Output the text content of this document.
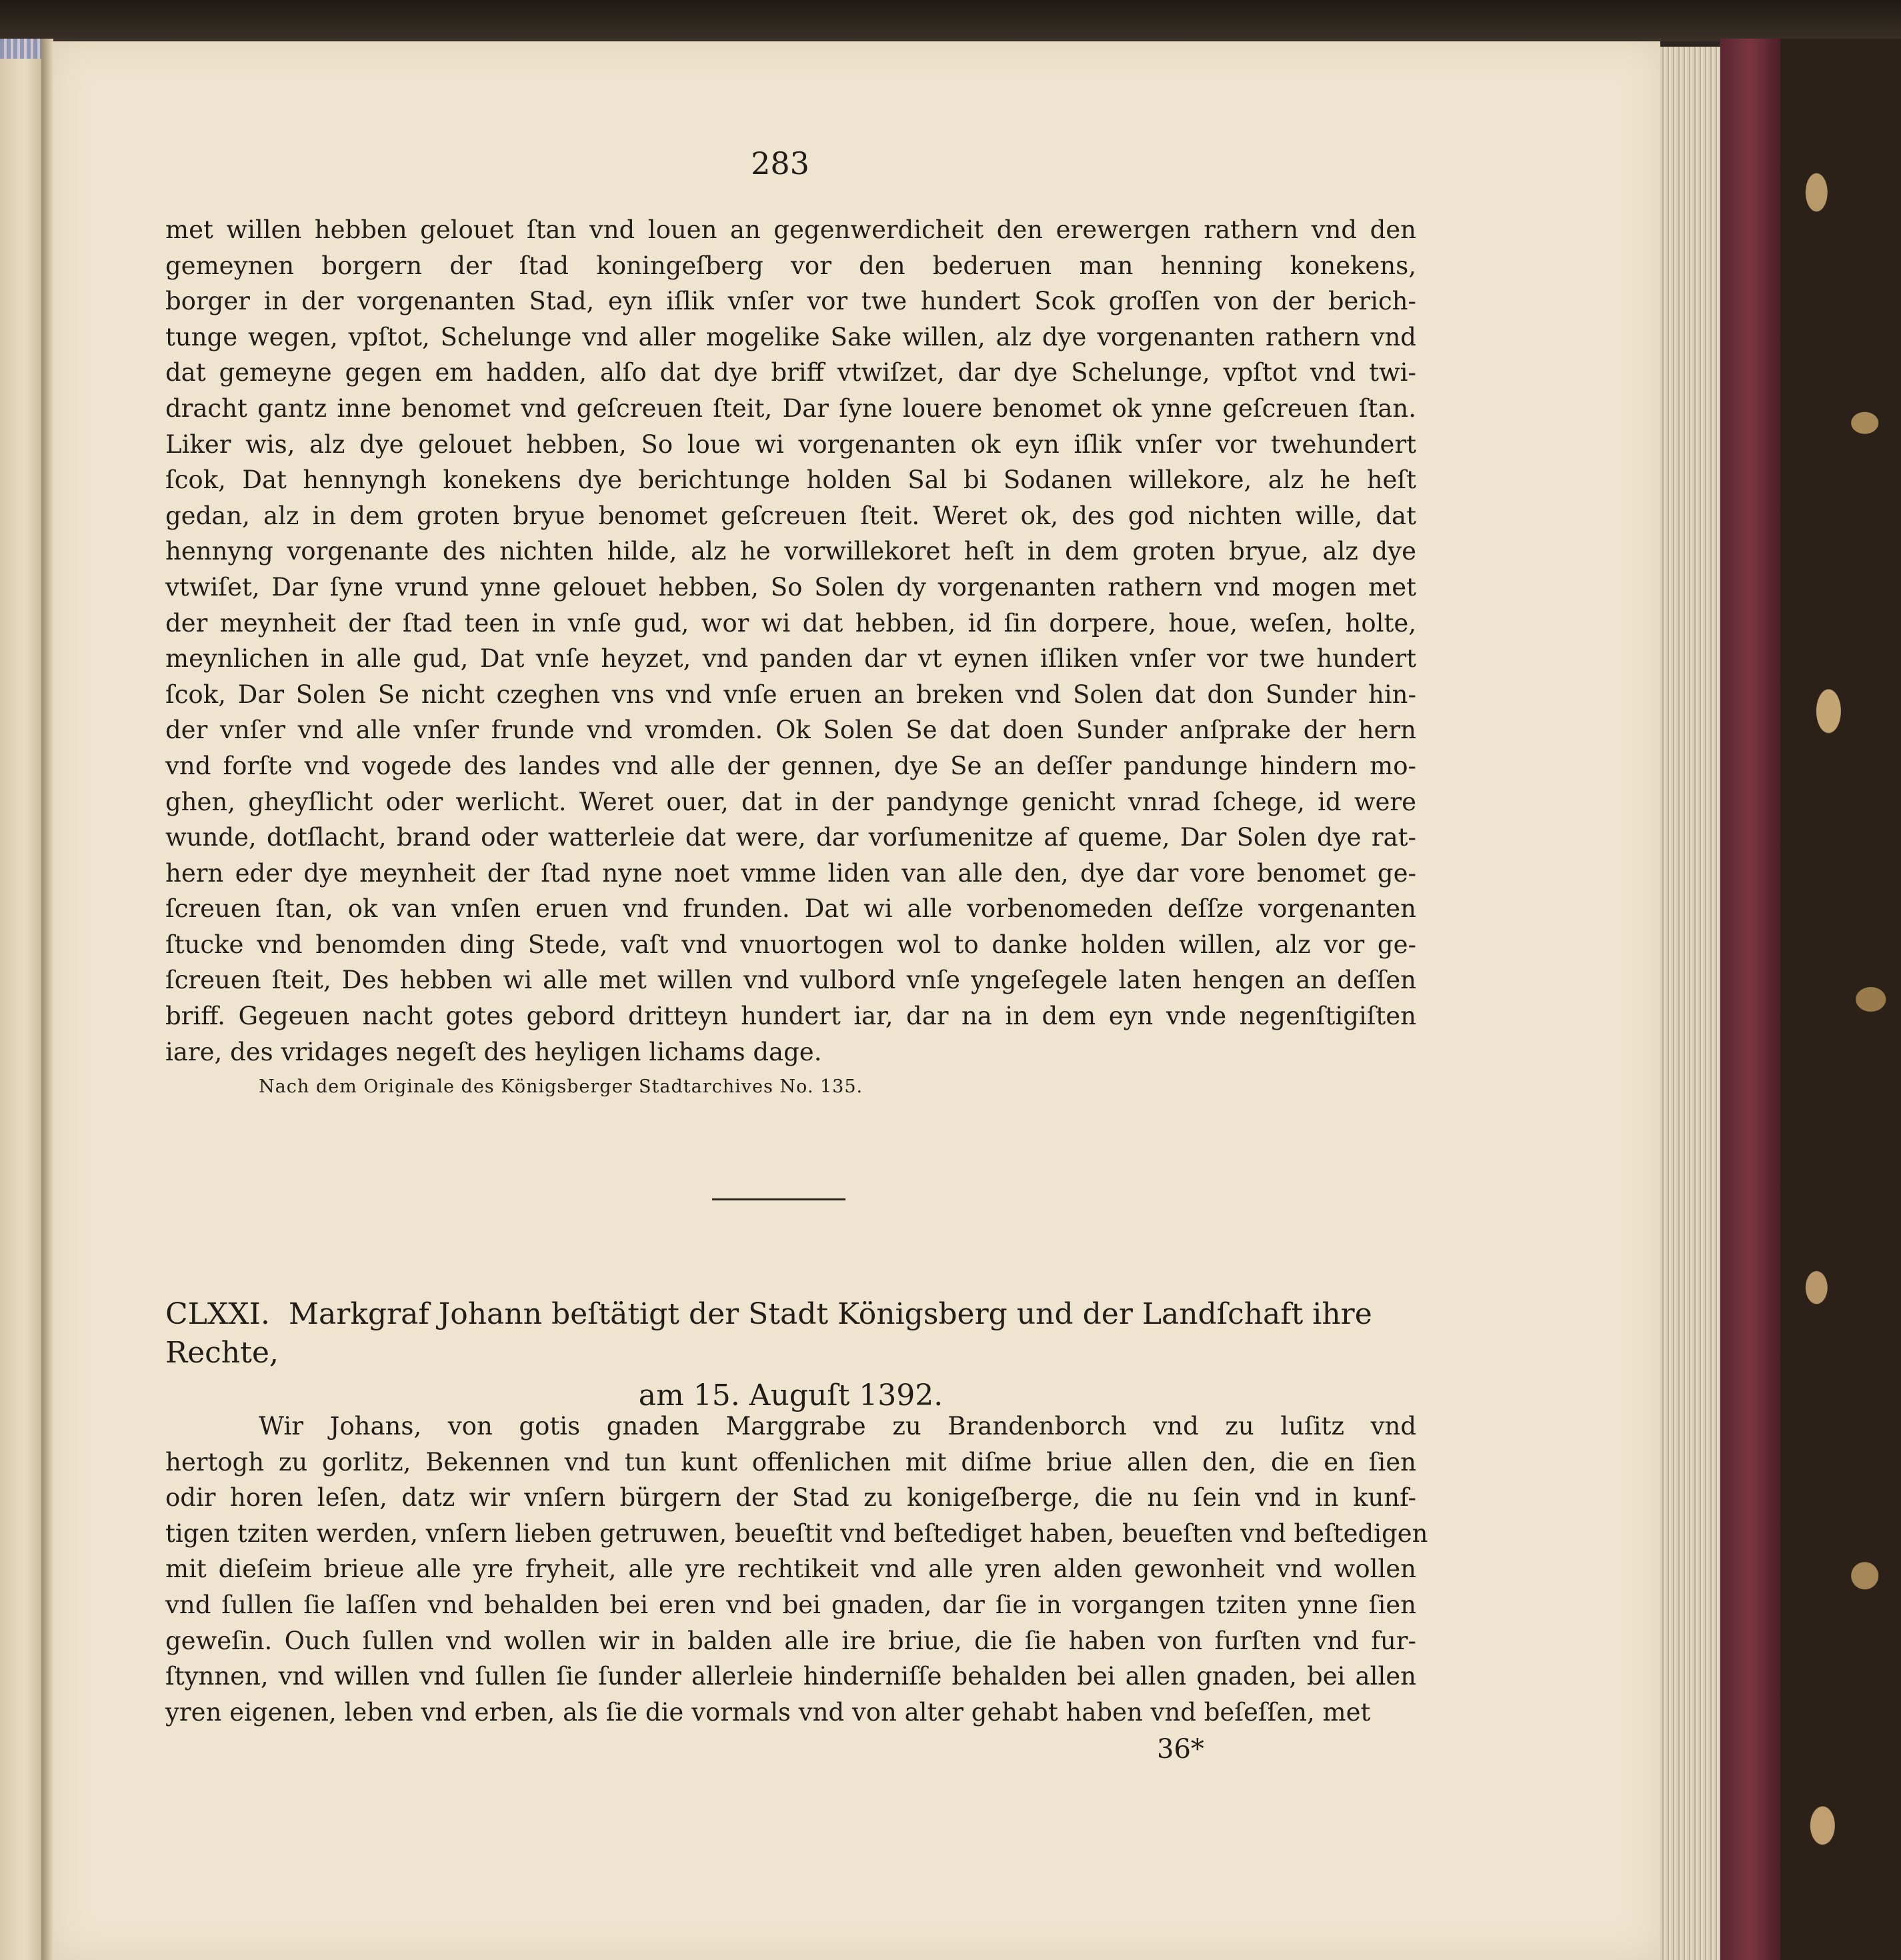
283

met willen hebben gelouet ſtan vnd louen an gegenwerdicheit den erewergen rathern vnd den
gemeynen borgern der ſtad koningeſberg vor den bederuen man henning konekens,
borger in der vorgenanten Stad, eyn iſlik vnſer vor twe hundert Scok groſſen von der berich-
tunge wegen, vpſtot, Schelunge vnd aller mogelike Sake willen, alz dye vorgenanten rathern vnd
dat gemeyne gegen em hadden, alſo dat dye briff vtwiſzet, dar dye Schelunge, vpſtot vnd twi-
dracht gantz inne benomet vnd geſcreuen ſteit, Dar ſyne louere benomet ok ynne geſcreuen ſtan.
Liker wis, alz dye gelouet hebben, So loue wi vorgenanten ok eyn iſlik vnſer vor twehundert
ſcok, Dat hennyngh konekens dye berichtunge holden Sal bi Sodanen willekore, alz he heſt
gedan, alz in dem groten bryue benomet geſcreuen ſteit. Weret ok, des god nichten wille, dat
hennyng vorgenante des nichten hilde, alz he vorwillekoret heſt in dem groten bryue, alz dye
vtwiſet, Dar ſyne vrund ynne gelouet hebben, So Solen dy vorgenanten rathern vnd mogen met
der meynheit der ſtad teen in vnſe gud, wor wi dat hebben, id ſin dorpere, houe, weſen, holte,
meynlichen in alle gud, Dat vnſe heyzet, vnd panden dar vt eynen iſliken vnſer vor twe hundert
ſcok, Dar Solen Se nicht czeghen vns vnd vnſe eruen an breken vnd Solen dat don Sunder hin-
der vnſer vnd alle vnſer frunde vnd vromden. Ok Solen Se dat doen Sunder anſprake der hern
vnd forſte vnd vogede des landes vnd alle der gennen, dye Se an deſſer pandunge hindern mo-
ghen, gheyſlicht oder werlicht. Weret ouer, dat in der pandynge genicht vnrad ſchege, id were
wunde, dotſlacht, brand oder watterleie dat were, dar vorſumenitze af queme, Dar Solen dye rat-
hern eder dye meynheit der ſtad nyne noet vmme liden van alle den, dye dar vore benomet ge-
ſcreuen ſtan, ok van vnſen eruen vnd frunden. Dat wi alle vorbenomeden deſſze vorgenanten
ſtucke vnd benomden ding Stede, vaſt vnd vnuortogen wol to danke holden willen, alz vor ge-
ſcreuen ſteit, Des hebben wi alle met willen vnd vulbord vnſe yngeſegele laten hengen an deſſen
briff. Gegeuen nacht gotes gebord dritteyn hundert iar, dar na in dem eyn vnde negenſtigiſten
iare, des vridages negeſt des heyligen lichams dage.

Nach dem Originale des Königsberger Stadtarchives No. 135.
CLXXI. Markgraf Johann beſtätigt der Stadt Königsberg und der Landſchaft ihre Rechte,
am 15. Auguſt 1392.

Wir Johans, von gotis gnaden Marggrabe zu Brandenborch vnd zu luſitz vnd
hertogh zu gorlitz, Bekennen vnd tun kunt offenlichen mit diſme briue allen den, die en ſien
odir horen leſen, datz wir vnſern bürgern der Stad zu konigeſberge, die nu ſein vnd in kunf-
tigen tziten werden, vnſern lieben getruwen, beueſtit vnd beſtediget haben, beueſten vnd beſtedigen
mit dieſeim brieue alle yre fryheit, alle yre rechtikeit vnd alle yren alden gewonheit vnd wollen
vnd ſullen ſie laſſen vnd behalden bei eren vnd bei gnaden, dar ſie in vorgangen tziten ynne ſien
geweſin. Ouch ſullen vnd wollen wir in balden alle ire briue, die ſie haben von furſten vnd fur-
ſtynnen, vnd willen vnd ſullen ſie ſunder allerleie hinderniſſe behalden bei allen gnaden, bei allen
yren eigenen, leben vnd erben, als ſie die vormals vnd von alter gehabt haben vnd beſeſſen, met

36*
